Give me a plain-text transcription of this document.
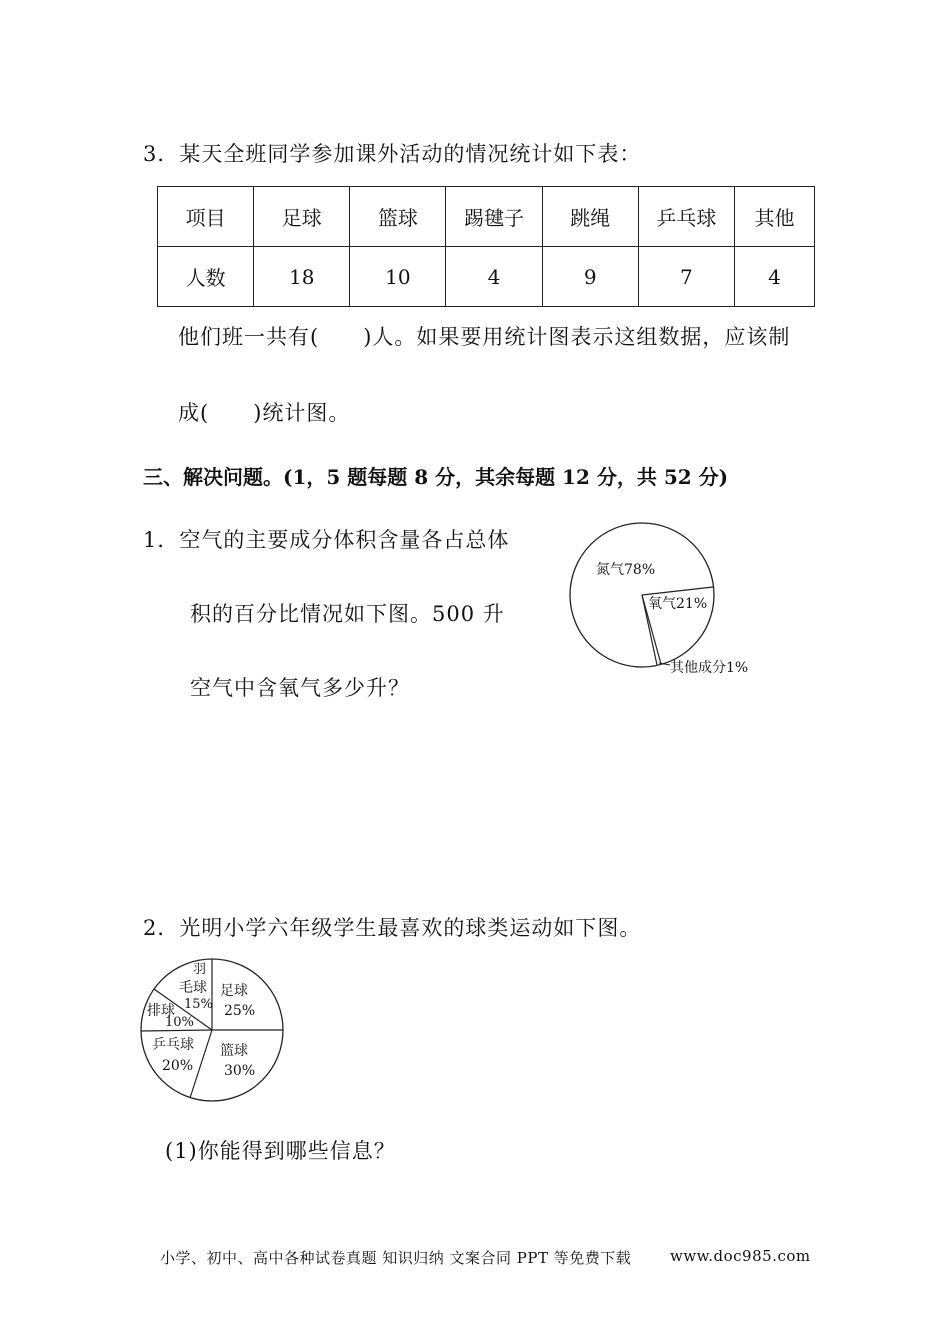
3．某天全班同学参加课外活动的情况统计如下表：
项目	足球	篮球	踢毽子	跳绳	乒乓球	其他
人数	18	10	4	9	7	4
他们班一共有(　　)人。如果要用统计图表示这组数据，应该制
成(　　)统计图。
三、解决问题。(1，5 题每题 8 分，其余每题 12 分，共 52 分)
1．空气的主要成分体积含量各占总体
积的百分比情况如下图。500 升
空气中含氧气多少升？
氮气78%
氧气21%
其他成分1%
2．光明小学六年级学生最喜欢的球类运动如下图。
足球
25%
篮球
30%
乒乓球
20%
排球
10%
羽
毛球
15%
(1)你能得到哪些信息？
小学、初中、高中各种试卷真题 知识归纳 文案合同 PPT 等免费下载	www.doc985.com
